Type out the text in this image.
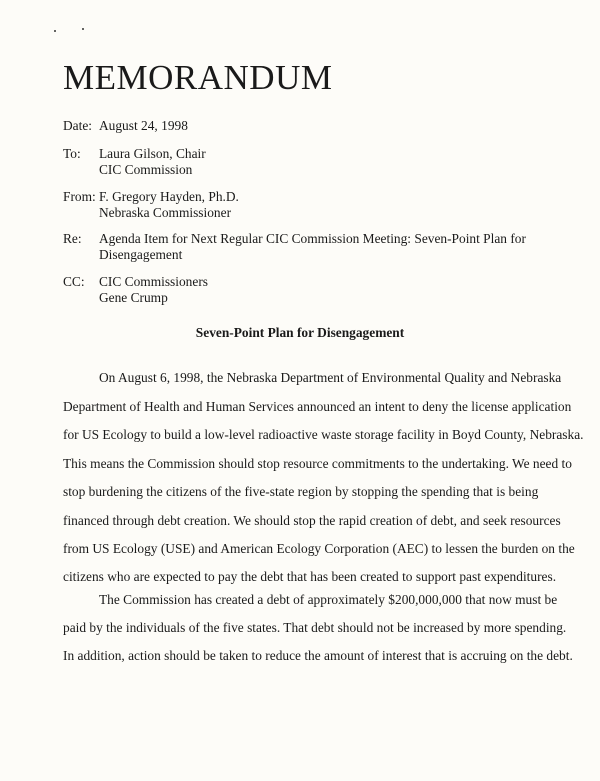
MEMORANDUM
Date: August 24, 1998
To:	Laura Gilson, Chair
CIC Commission
From: F. Gregory Hayden, Ph.D.
Nebraska Commissioner
Re:	Agenda Item for Next Regular CIC Commission Meeting: Seven-Point Plan for
Disengagement
CC:	CIC Commissioners
Gene Crump
Seven-Point Plan for Disengagement
On August 6, 1998, the Nebraska Department of Environmental Quality and Nebraska
Department of Health and Human Services announced an intent to deny the license application
for US Ecology to build a low-level radioactive waste storage facility in Boyd County, Nebraska.
This means the Commission should stop resource commitments to the undertaking. We need to
stop burdening the citizens of the five-state region by stopping the spending that is being
financed through debt creation. We should stop the rapid creation of debt, and seek resources
from US Ecology (USE) and American Ecology Corporation (AEC) to lessen the burden on the
citizens who are expected to pay the debt that has been created to support past expenditures.
The Commission has created a debt of approximately $200,000,000 that now must be
paid by the individuals of the five states. That debt should not be increased by more spending.
In addition, action should be taken to reduce the amount of interest that is accruing on the debt.
